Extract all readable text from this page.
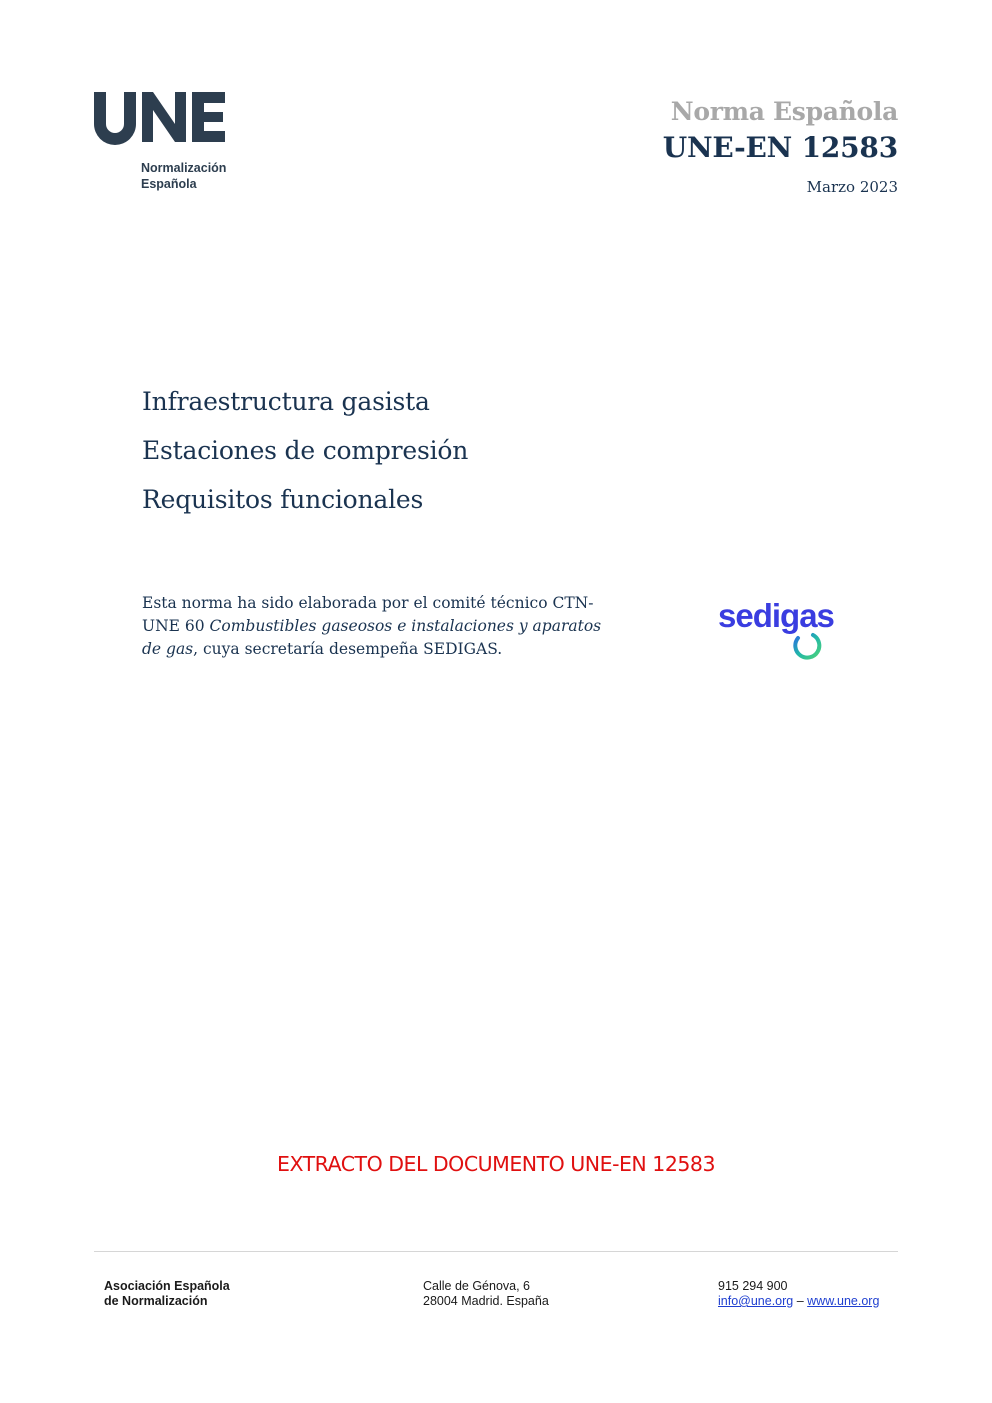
Normalización
Española
Norma Española
UNE-EN 12583
Marzo 2023
Infraestructura gasista
Estaciones de compresión
Requisitos funcionales
Esta norma ha sido elaborada por el comité técnico CTN-UNE 60 Combustibles gaseosos e instalaciones y aparatos de gas, cuya secretaría desempeña SEDIGAS.
sedigas
EXTRACTO DEL DOCUMENTO UNE-EN 12583
Asociación Española
de Normalización
Calle de Génova, 6
28004 Madrid. España
915 294 900
info@une.org – www.une.org
